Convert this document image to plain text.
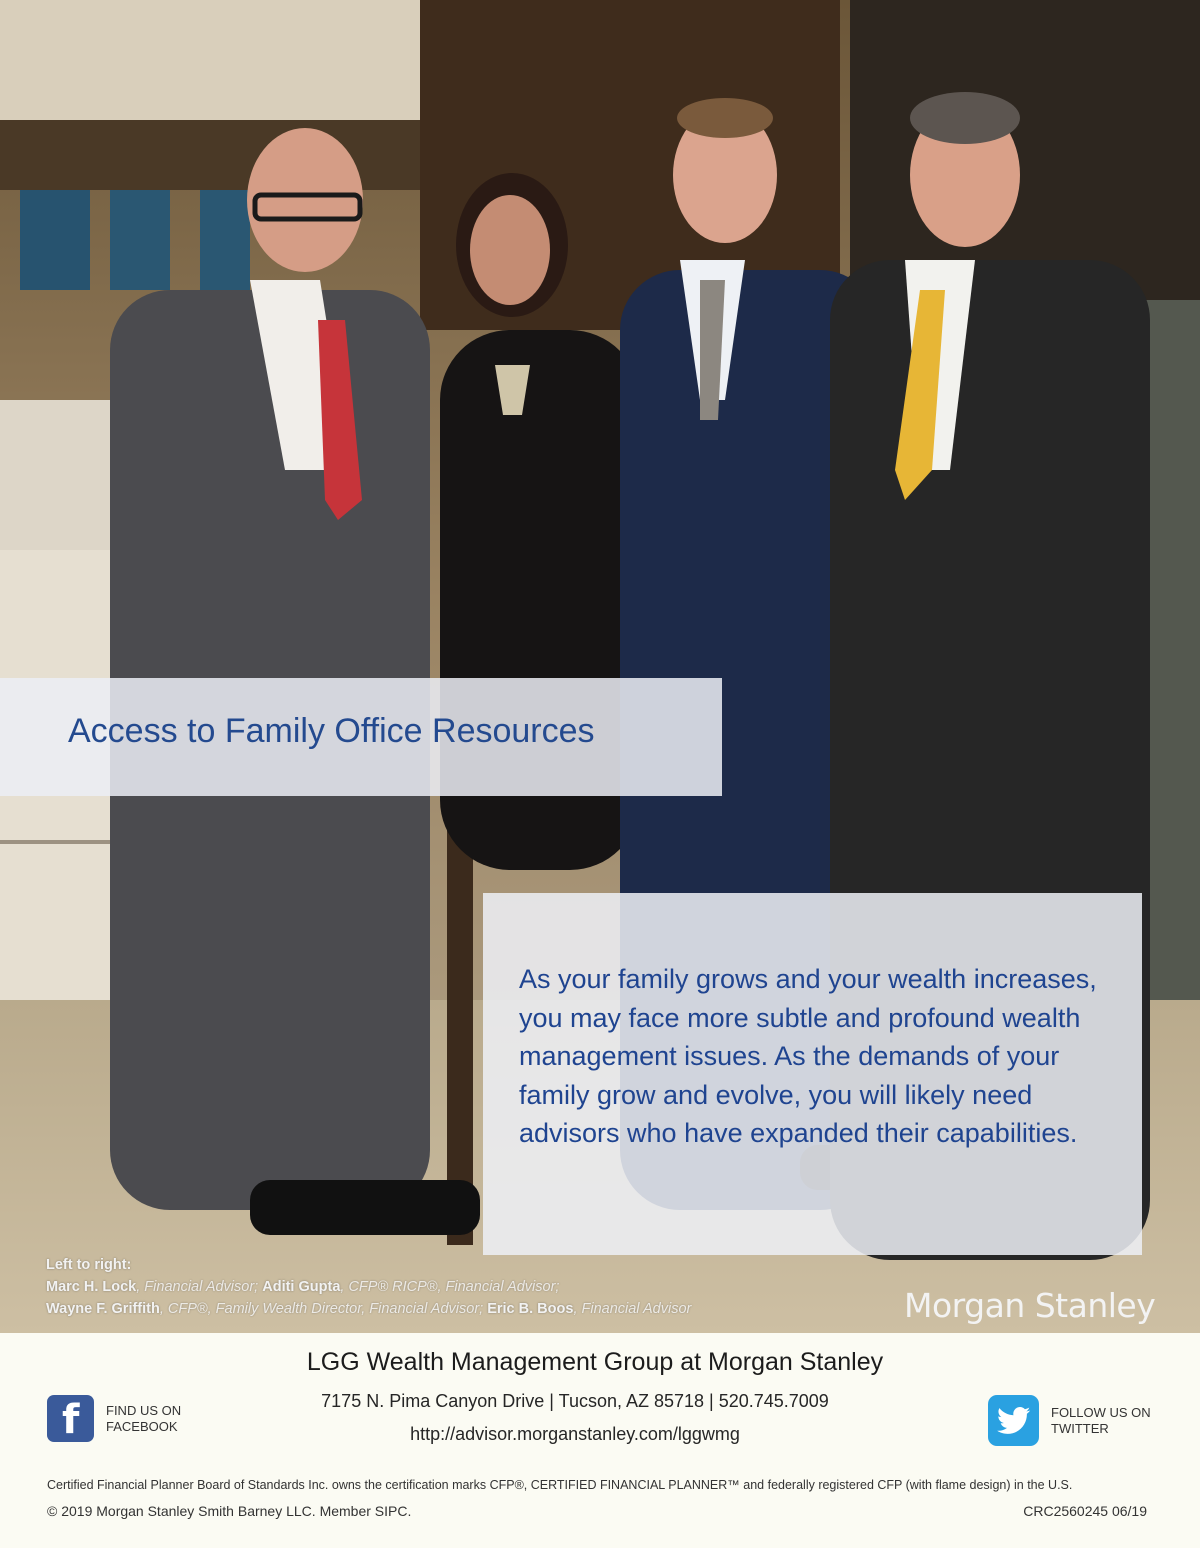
Access to Family Office Resources

As your family grows and your wealth increases, you may face more subtle and profound wealth management issues. As the demands of your family grow and evolve, you will likely need advisors who have expanded their capabilities.

Left to right:
Marc H. Lock, Financial Advisor; Aditi Gupta, CFP® RICP®, Financial Advisor;
Wayne F. Griffith, CFP®, Family Wealth Director, Financial Advisor; Eric B. Boos, Financial Advisor	Morgan Stanley
LGG Wealth Management Group at Morgan Stanley
7175 N. Pima Canyon Drive | Tucson, AZ 85718 | 520.745.7009
http://advisor.morganstanley.com/lggwmg
f FIND US ON
FACEBOOK
FOLLOW US ON
TWITTER
Certified Financial Planner Board of Standards Inc. owns the certification marks CFP®, CERTIFIED FINANCIAL PLANNER™ and federally registered CFP (with flame design) in the U.S.
© 2019 Morgan Stanley Smith Barney LLC. Member SIPC.	CRC2560245 06/19
